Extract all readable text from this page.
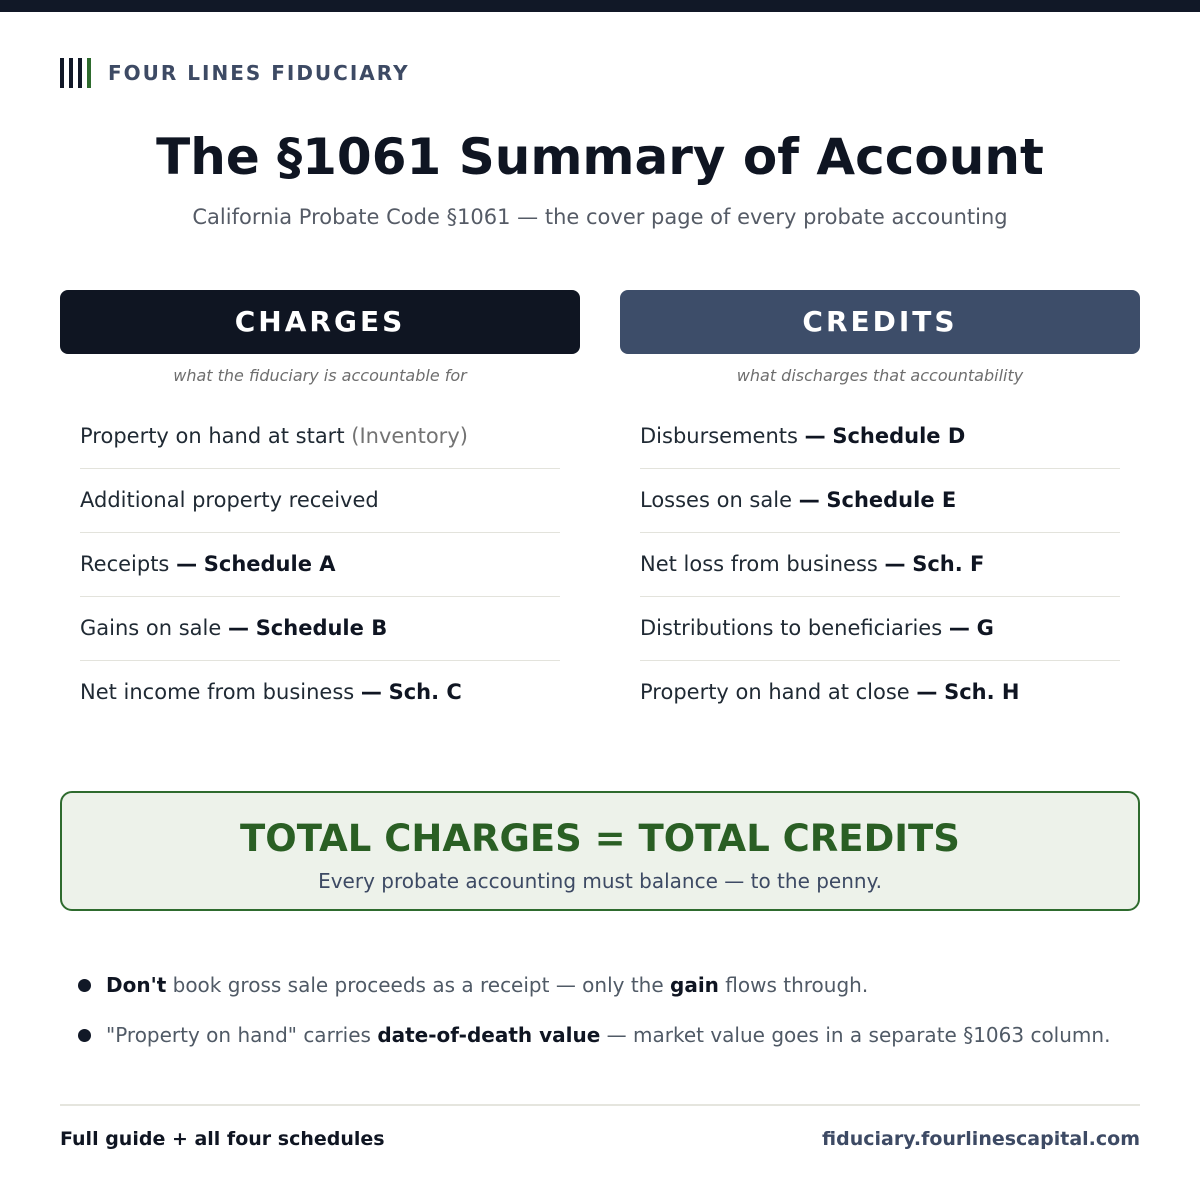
FOUR LINES FIDUCIARY
The §1061 Summary of Account
California Probate Code §1061 — the cover page of every probate accounting
CHARGES
what the fiduciary is accountable for
Property on hand at start (Inventory)
Additional property received
Receipts — Schedule A
Gains on sale — Schedule B
Net income from business — Sch. C
CREDITS
what discharges that accountability
Disbursements — Schedule D
Losses on sale — Schedule E
Net loss from business — Sch. F
Distributions to beneficiaries — G
Property on hand at close — Sch. H
TOTAL CHARGES = TOTAL CREDITS
Every probate accounting must balance — to the penny.
Don't book gross sale proceeds as a receipt — only the gain flows through.
"Property on hand" carries date-of-death value — market value goes in a separate §1063 column.
Full guide + all four schedules	fiduciary.fourlinescapital.com
